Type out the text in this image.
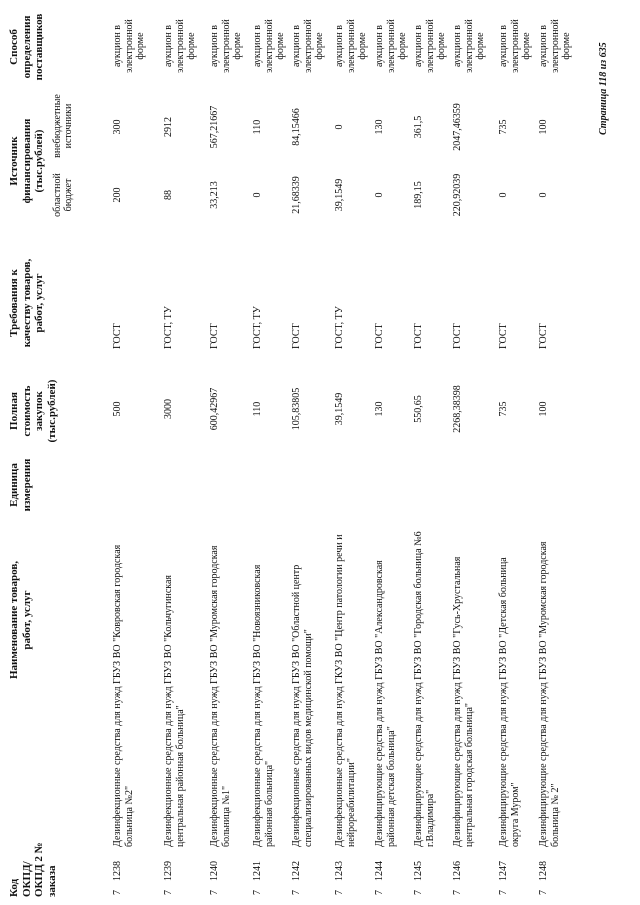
Код ОКПД/ ОКПД 2 № заказа
Наименование товаров, работ, услуг
Единица измерения
Полная стоимость закупок (тыс.рублей)
Требования к качеству товаров, работ, услуг
Источник финансирования (тыс.рублей)
областной бюджет
внебюджетные источники
Способ определения поставщиков
7
1238
Дезинфекционные средства для нужд ГБУЗ ВО "Ковровская городская больница №2"
500
ГОСТ
200
300
аукцион в электронной форме
7
1239
Дезинфекционные средства для нужд ГБУЗ ВО "Кольчугинская центральная районная больница"
3000
ГОСТ, ТУ
88
2912
аукцион в электронной форме
7
1240
Дезинфекционные средства для нужд ГБУЗ ВО "Муромская городская больница №1"
600,42967
ГОСТ
33,213
567,21667
аукцион в электронной форме
7
1241
Дезинфекционные средства для нужд ГБУЗ ВО "Новоязниковская районная больница"
110
ГОСТ, ТУ
0
110
аукцион в электронной форме
7
1242
Дезинфекционные средства для нужд ГБУЗ ВО "Областной центр специализированных видов медицинской помощи"
105,83805
ГОСТ
21,68339
84,15466
аукцион в электронной форме
7
1243
Дезинфекционные средства для нужд ГКУЗ ВО "Центр патологии речи и нейрореабилитации"
39,1549
ГОСТ, ТУ
39,1549
0
аукцион в электронной форме
7
1244
Дезинфицирующие средства для нужд ГБУЗ ВО "Александровская районная детская больница"
130
ГОСТ
0
130
аукцион в электронной форме
7
1245
Дезинфицирующие средства для нужд ГБУЗ ВО "Городская больница №6 г.Владимира"
550,65
ГОСТ
189,15
361,5
аукцион в электронной форме
7
1246
Дезинфицирующие средства для нужд ГБУЗ ВО "Гусь-Хрустальная центральная городская больница"
2268,38398
ГОСТ
220,92039
2047,46359
аукцион в электронной форме
7
1247
Дезинфицирующие средства для нужд ГБУЗ ВО "Детская больница округа Муром"
735
ГОСТ
0
735
аукцион в электронной форме
7
1248
Дезинфицирующие средства для нужд ГБУЗ ВО "Муромская городская больница № 2"
100
ГОСТ
0
100
аукцион в электронной форме	Страница 118 из 635
